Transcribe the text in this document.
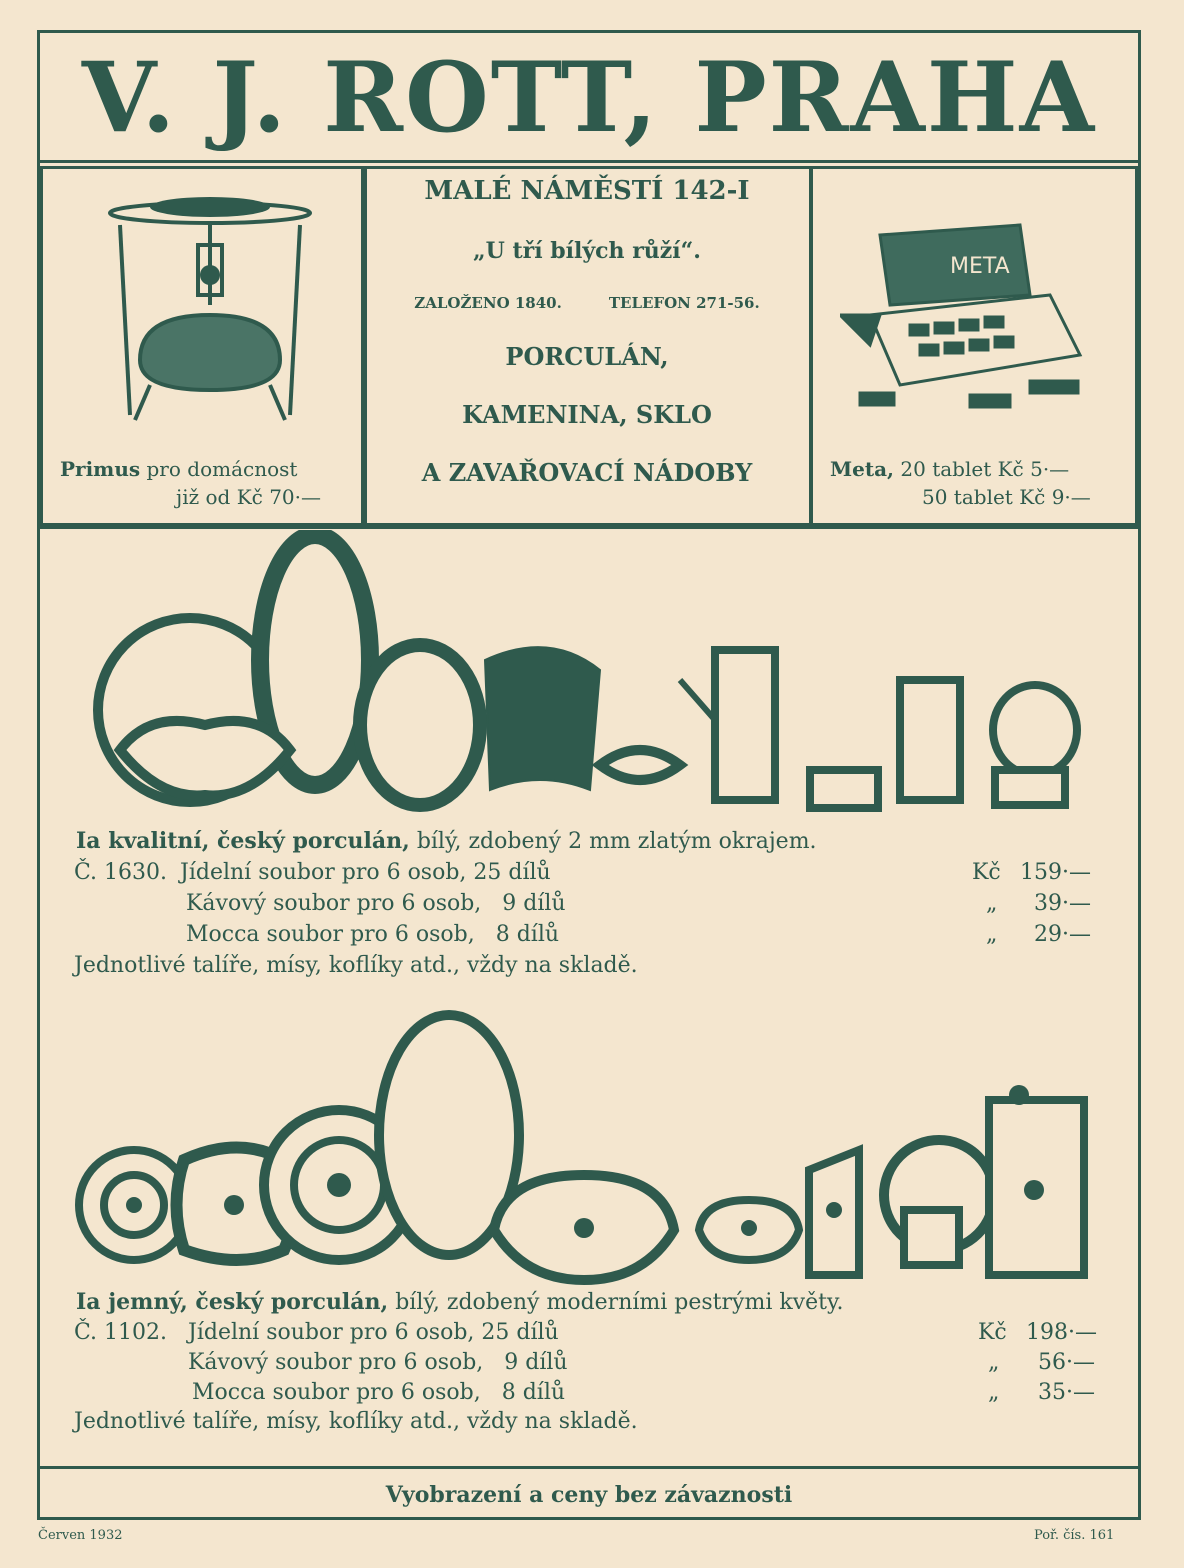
V. J. ROTT, PRAHA
Primus pro domácnost
již od Kč 70·—
MALÉ NÁMĚSTÍ 142-I
„U tří bílých růží“.
ZALOŽENO 1840.	TELEFON 271-56.
PORCULÁN,
KAMENINA, SKLO
A ZAVAŘOVACÍ NÁDOBY
META
Meta, 20 tablet Kč 5·—
50 tablet Kč 9·—
Ia kvalitní, český porculán, bílý, zdobený 2 mm zlatým okrajem.
Č. 1630. Jídelní soubor pro 6 osob, 25 dílů	Kč 159·—
Kávový soubor pro 6 osob,   9 dílů	„ 39·—
Mocca soubor pro 6 osob,   8 dílů	„ 29·—
Jednotlivé talíře, mísy, koflíky atd., vždy na skladě.
Ia jemný, český porculán, bílý, zdobený moderními pestrými květy.
Č. 1102. Jídelní soubor pro 6 osob, 25 dílů	Kč 198·—
Kávový soubor pro 6 osob,   9 dílů	„ 56·—
Mocca soubor pro 6 osob,   8 dílů	„ 35·—
Jednotlivé talíře, mísy, koflíky atd., vždy na skladě.
Vyobrazení a ceny bez závaznosti
Červen 1932	Poř. čís. 161
